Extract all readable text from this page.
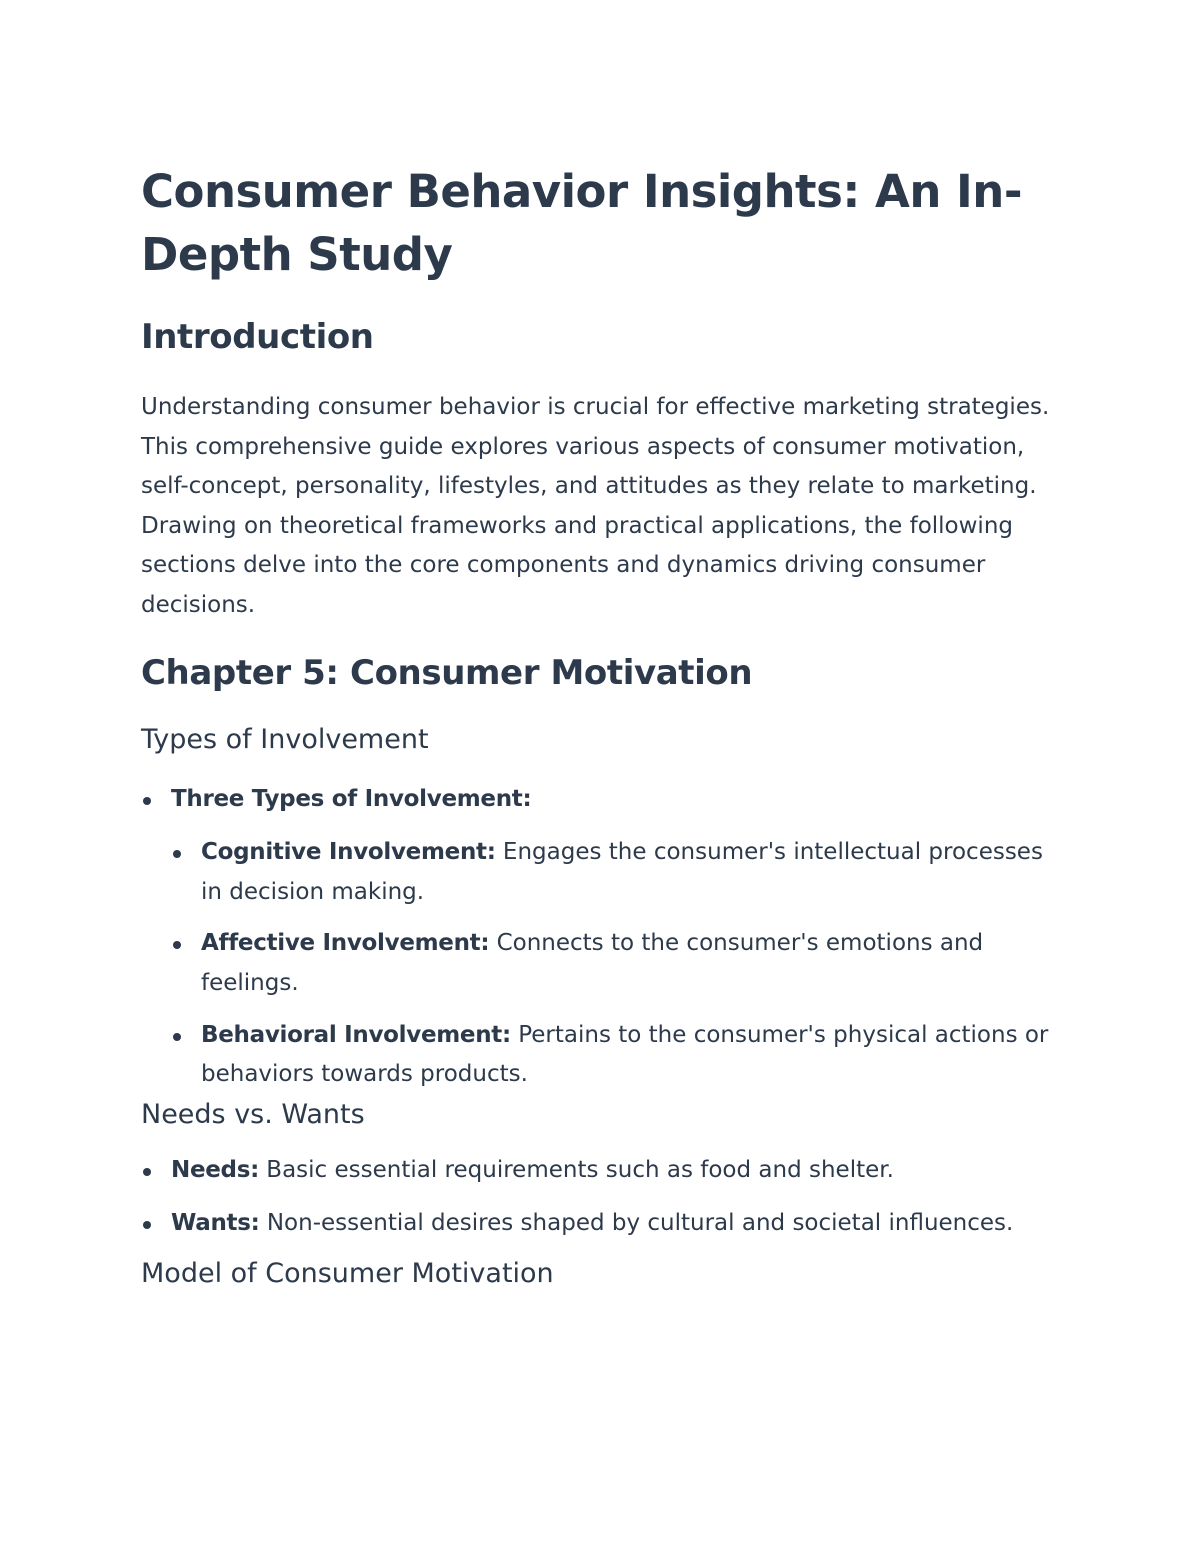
Consumer Behavior Insights: An In-Depth Study
Introduction

Understanding consumer behavior is crucial for effective marketing strategies. This comprehensive guide explores various aspects of consumer motivation, self-concept, personality, lifestyles, and attitudes as they relate to marketing. Drawing on theoretical frameworks and practical applications, the following sections delve into the core components and dynamics driving consumer decisions.

Chapter 5: Consumer Motivation
Types of Involvement
Three Types of Involvement:
Cognitive Involvement: Engages the consumer's intellectual processes in decision making.
Affective Involvement: Connects to the consumer's emotions and feelings.
Behavioral Involvement: Pertains to the consumer's physical actions or behaviors towards products.
Needs vs. Wants
Needs: Basic essential requirements such as food and shelter.
Wants: Non-essential desires shaped by cultural and societal influences.
Model of Consumer Motivation
